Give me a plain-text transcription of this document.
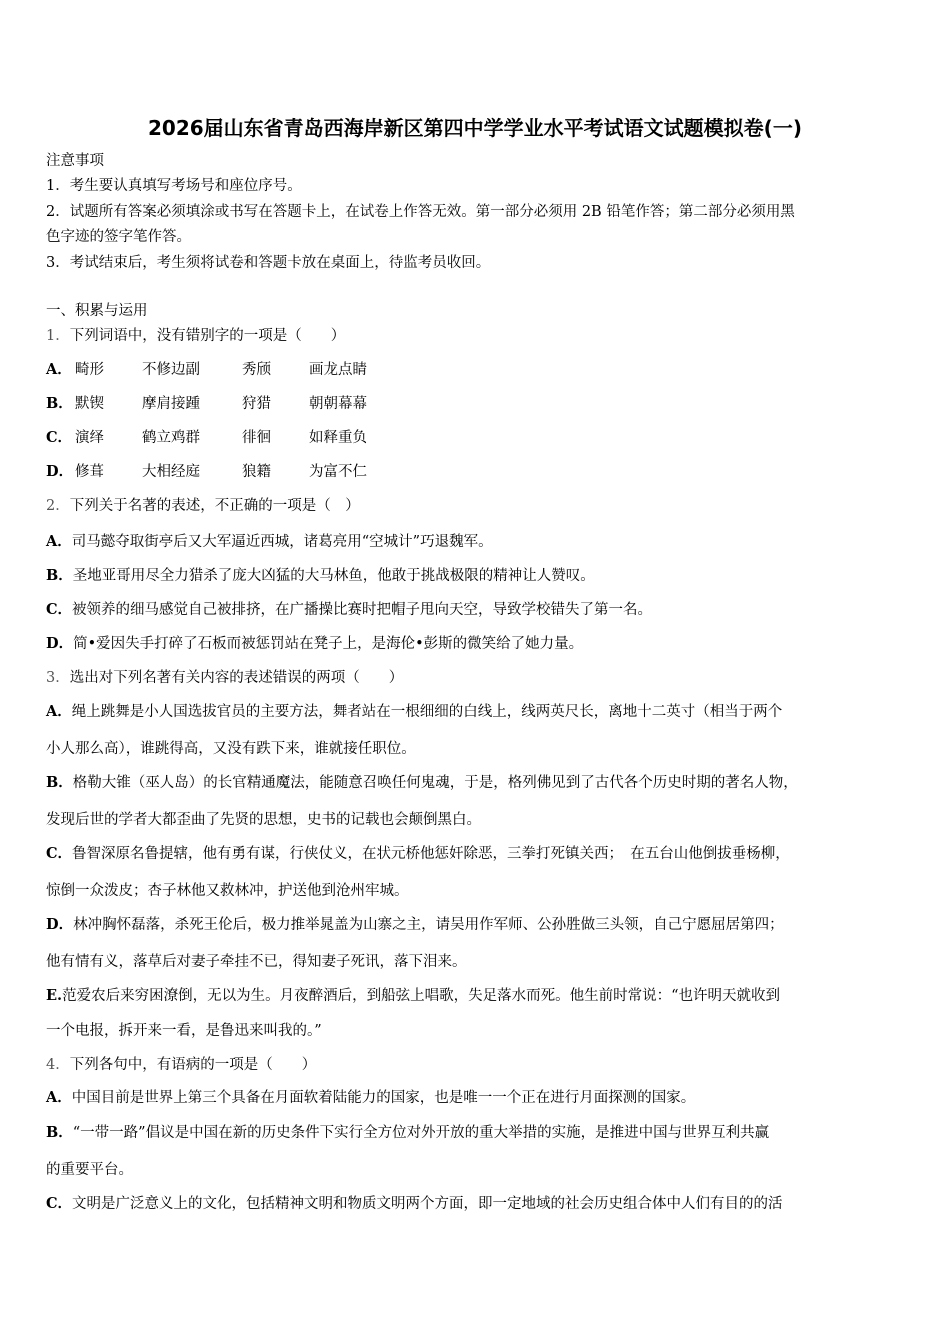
2026届山东省青岛西海岸新区第四中学学业水平考试语文试题模拟卷(一)
注意事项
1．考生要认真填写考场号和座位序号。
2．试题所有答案必须填涂或书写在答题卡上，在试卷上作答无效。第一部分必须用 2B 铅笔作答；第二部分必须用黑
色字迹的签字笔作答。
3．考试结束后，考生须将试卷和答题卡放在桌面上，待监考员收回。
一、积累与运用
1．下列词语中，没有错别字的一项是（　　）
A． 畸形	不修边副	秀颀	画龙点睛
B． 默锲	摩肩接踵	狩猎	朝朝幕幕
C． 演绎	鹤立鸡群	徘徊	如释重负
D． 修葺	大相经庭	狼籍	为富不仁
2．下列关于名著的表述，不正确的一项是（　）
A．司马懿夺取街亭后又大军逼近西城，诸葛亮用“空城计”巧退魏军。
B．圣地亚哥用尽全力猎杀了庞大凶猛的大马林鱼，他敢于挑战极限的精神让人赞叹。
C．被领养的细马感觉自己被排挤，在广播操比赛时把帽子甩向天空，导致学校错失了第一名。
D．简•爱因失手打碎了石板而被惩罚站在凳子上，是海伦•彭斯的微笑给了她力量。
3．选出对下列名著有关内容的表述错误的两项（　　）
A．绳上跳舞是小人国选拔官员的主要方法，舞者站在一根细细的白线上，线两英尺长，离地十二英寸（相当于两个
小人那么高），谁跳得高，又没有跌下来，谁就接任职位。
B．格勒大锥（巫人岛）的长官精通魔法，能随意召唤任何鬼魂，于是，格列佛见到了古代各个历史时期的著名人物，
发现后世的学者大都歪曲了先贤的思想，史书的记载也会颠倒黑白。
C．鲁智深原名鲁提辖，他有勇有谋，行侠仗义，在状元桥他惩奸除恶，三拳打死镇关西；　在五台山他倒拔垂杨柳，
惊倒一众泼皮；杏子林他又救林冲，护送他到沧州牢城。
D．林冲胸怀磊落，杀死王伦后，极力推举晁盖为山寨之主，请吴用作军师、公孙胜做三头领，自己宁愿屈居第四；
他有情有义，落草后对妻子牵挂不已，得知妻子死讯，落下泪来。
E.范爱农后来穷困潦倒，无以为生。月夜醉酒后，到船弦上唱歌，失足落水而死。他生前时常说：“也许明天就收到
一个电报，拆开来一看，是鲁迅来叫我的。”
4．下列各句中，有语病的一项是（　　）
A．中国目前是世界上第三个具备在月面软着陆能力的国家，也是唯一一个正在进行月面探测的国家。
B．“一带一路”倡议是中国在新的历史条件下实行全方位对外开放的重大举措的实施，是推进中国与世界互利共赢
的重要平台。
C．文明是广泛意义上的文化，包括精神文明和物质文明两个方面，即一定地域的社会历史组合体中人们有目的的活
